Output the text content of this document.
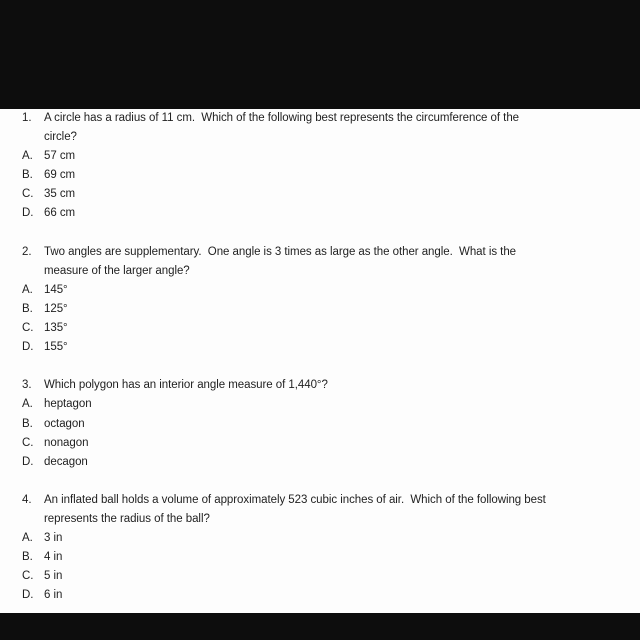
1.	A circle has a radius of 11 cm.  Which of the following best represents the circumference of the
circle?
A. 57 cm
B. 69 cm
C. 35 cm
D. 66 cm
2.	Two angles are supplementary.  One angle is 3 times as large as the other angle.  What is the
measure of the larger angle?
A. 145°
B. 125°
C. 135°
D. 155°
3.	Which polygon has an interior angle measure of 1,440°?
A. heptagon
B. octagon
C. nonagon
D. decagon
4.	An inflated ball holds a volume of approximately 523 cubic inches of air.  Which of the following best
represents the radius of the ball?
A. 3 in
B. 4 in
C. 5 in
D. 6 in
